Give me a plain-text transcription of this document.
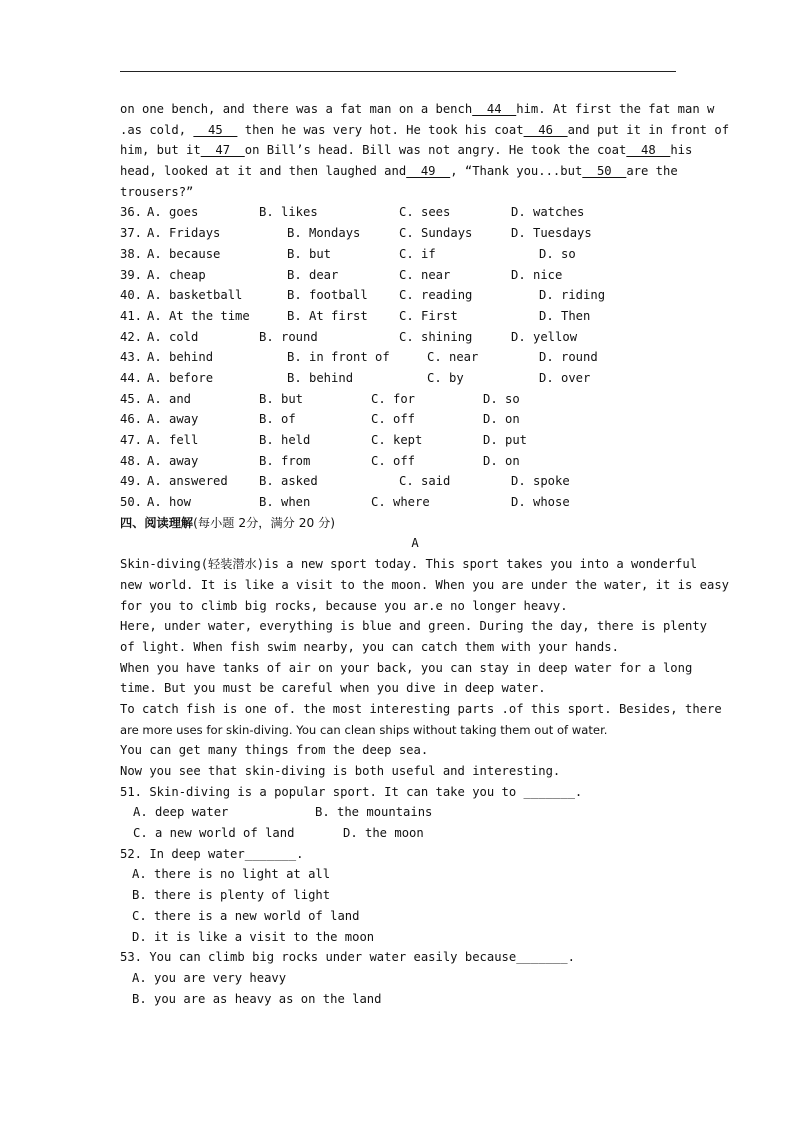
on one bench, and there was a fat man on a bench  44  him. At first the fat man w
.as cold,   45   then he was very hot. He took his coat  46  and put it in front of
him, but it  47  on Bill’s head. Bill was not angry. He took the coat  48  his
head, looked at it and then laughed and  49  , “Thank you...but  50  are the
trousers?”
36. A. goes	B. likes	C. sees	D. watches
37. A. Fridays	B. Mondays	C. Sundays	D. Tuesdays
38. A. because	B. but	C. if	D. so
39. A. cheap	B. dear	C. near	D. nice
40. A. basketball	B. football	C. reading	D. riding
41. A. At the time	B. At first	C. First	D. Then
42. A. cold	B. round	C. shining	D. yellow
43. A. behind	B. in front of	C. near	D. round
44. A. before	B. behind	C. by	D. over
45. A. and	B. but	C. for	D. so
46. A. away	B. of	C. off	D. on
47. A. fell	B. held	C. kept	D. put
48. A. away	B. from	C. off	D. on
49. A. answered	B. asked	C. said	D. spoke
50. A. how	B. when	C. where	D. whose
四、阅读理解(每小题 2分，满分 20 分)
A
Skin-diving(轻装潜水)is a new sport today. This sport takes you into a wonderful
new world. It is like a visit to the moon. When you are under the water, it is easy
for you to climb big rocks, because you ar.e no longer heavy.
Here, under water, everything is blue and green. During the day, there is plenty
of light. When fish swim nearby, you can catch them with your hands.
When you have tanks of air on your back, you can stay in deep water for a long
time. But you must be careful when you dive in deep water.
To catch fish is one of. the most interesting parts .of this sport. Besides, there
are more uses for skin-diving. You can clean ships without taking them out of water.
You can get many things from the deep sea.
Now you see that skin-diving is both useful and interesting.
51. Skin-diving is a popular sport. It can take you to _______.
A. deep water	B. the mountains
C. a new world of land	D. the moon
52. In deep water_______.
A. there is no light at all
B. there is plenty of light
C. there is a new world of land
D. it is like a visit to the moon
53. You can climb big rocks under water easily because_______.
A. you are very heavy
B. you are as heavy as on the land
